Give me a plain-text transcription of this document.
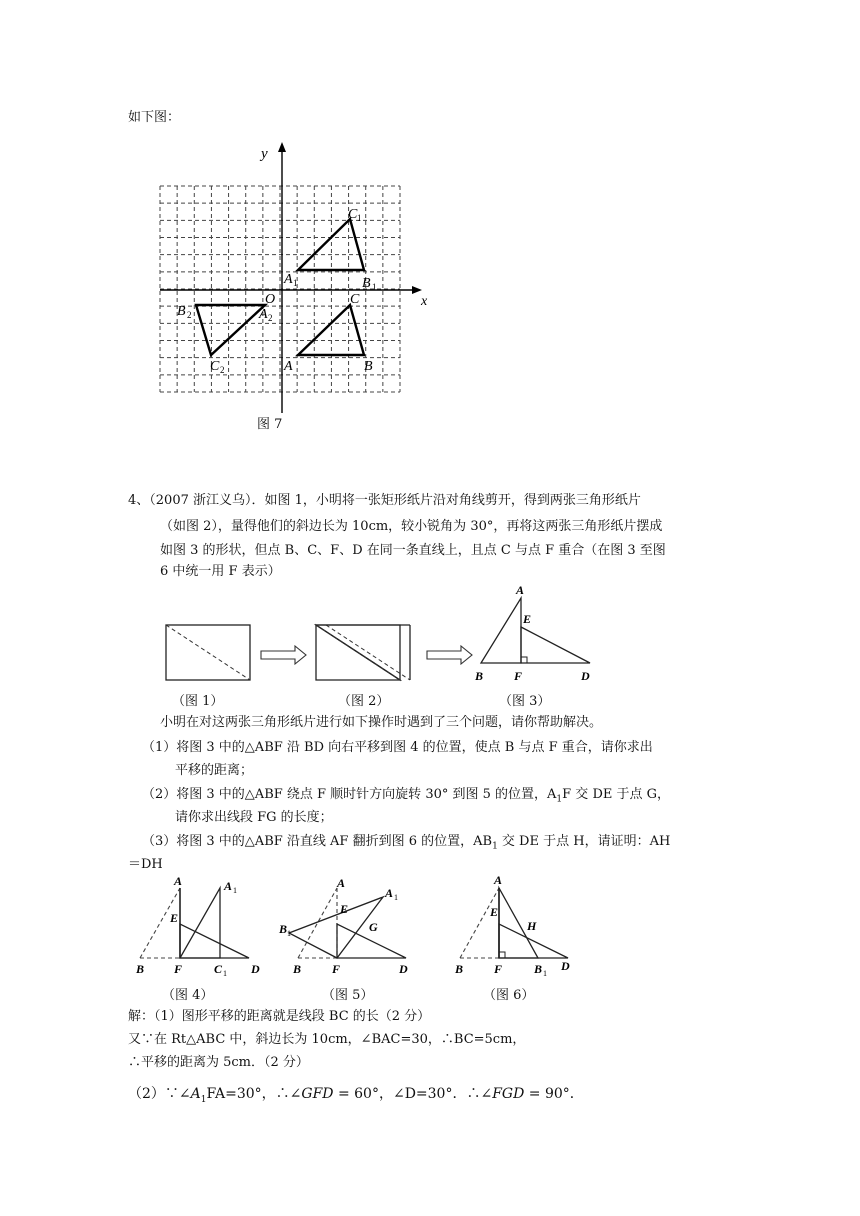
如下图：
y
x
O
C 1
A 1	B 1
C
A	B
B 2	A 2
C 2
图 7
4、（2007 浙江义乌）．如图 1，小明将一张矩形纸片沿对角线剪开，得到两张三角形纸片
（如图 2），量得他们的斜边长为 10cm，较小锐角为 30°，再将这两张三角形纸片摆成
如图 3 的形状，但点 B、C、F、D 在同一条直线上，且点 C 与点 F 重合（在图 3 至图
6 中统一用 F 表示）
A
E
B	F	D
（图 1）	（图 2）	（图 3）
小明在对这两张三角形纸片进行如下操作时遇到了三个问题，请你帮助解决。
（1）将图 3 中的△ABF 沿 BD 向右平移到图 4 的位置，使点 B 与点 F 重合，请你求出
平移的距离；
（2）将图 3 中的△ABF 绕点 F 顺时针方向旋转 30° 到图 5 的位置，$A_1F$ 交 DE 于点 G，
请你求出线段 FG 的长度；
（3）将图 3 中的△ABF 沿直线 AF 翻折到图 6 的位置，$AB_1$ 交 DE 于点 H，请证明：AH
＝DH
A	A 1
E
B F	C 1 D
A
A 1
E
B 1	G
B	F	D
A
E
H
B	F	B 1
D
（图 4）	（图 5）	（图 6）
解：（1）图形平移的距离就是线段 BC 的长（2 分）
又∵在 Rt△ABC 中，斜边长为 10cm，∠BAC=30，∴BC=5cm，
∴平移的距离为 5cm．（2 分）
$(2)\because\angle A_1FA=30^\circ$，∴∠GFD = 60°，∠D=30°．∴∠FGD = 90°．
